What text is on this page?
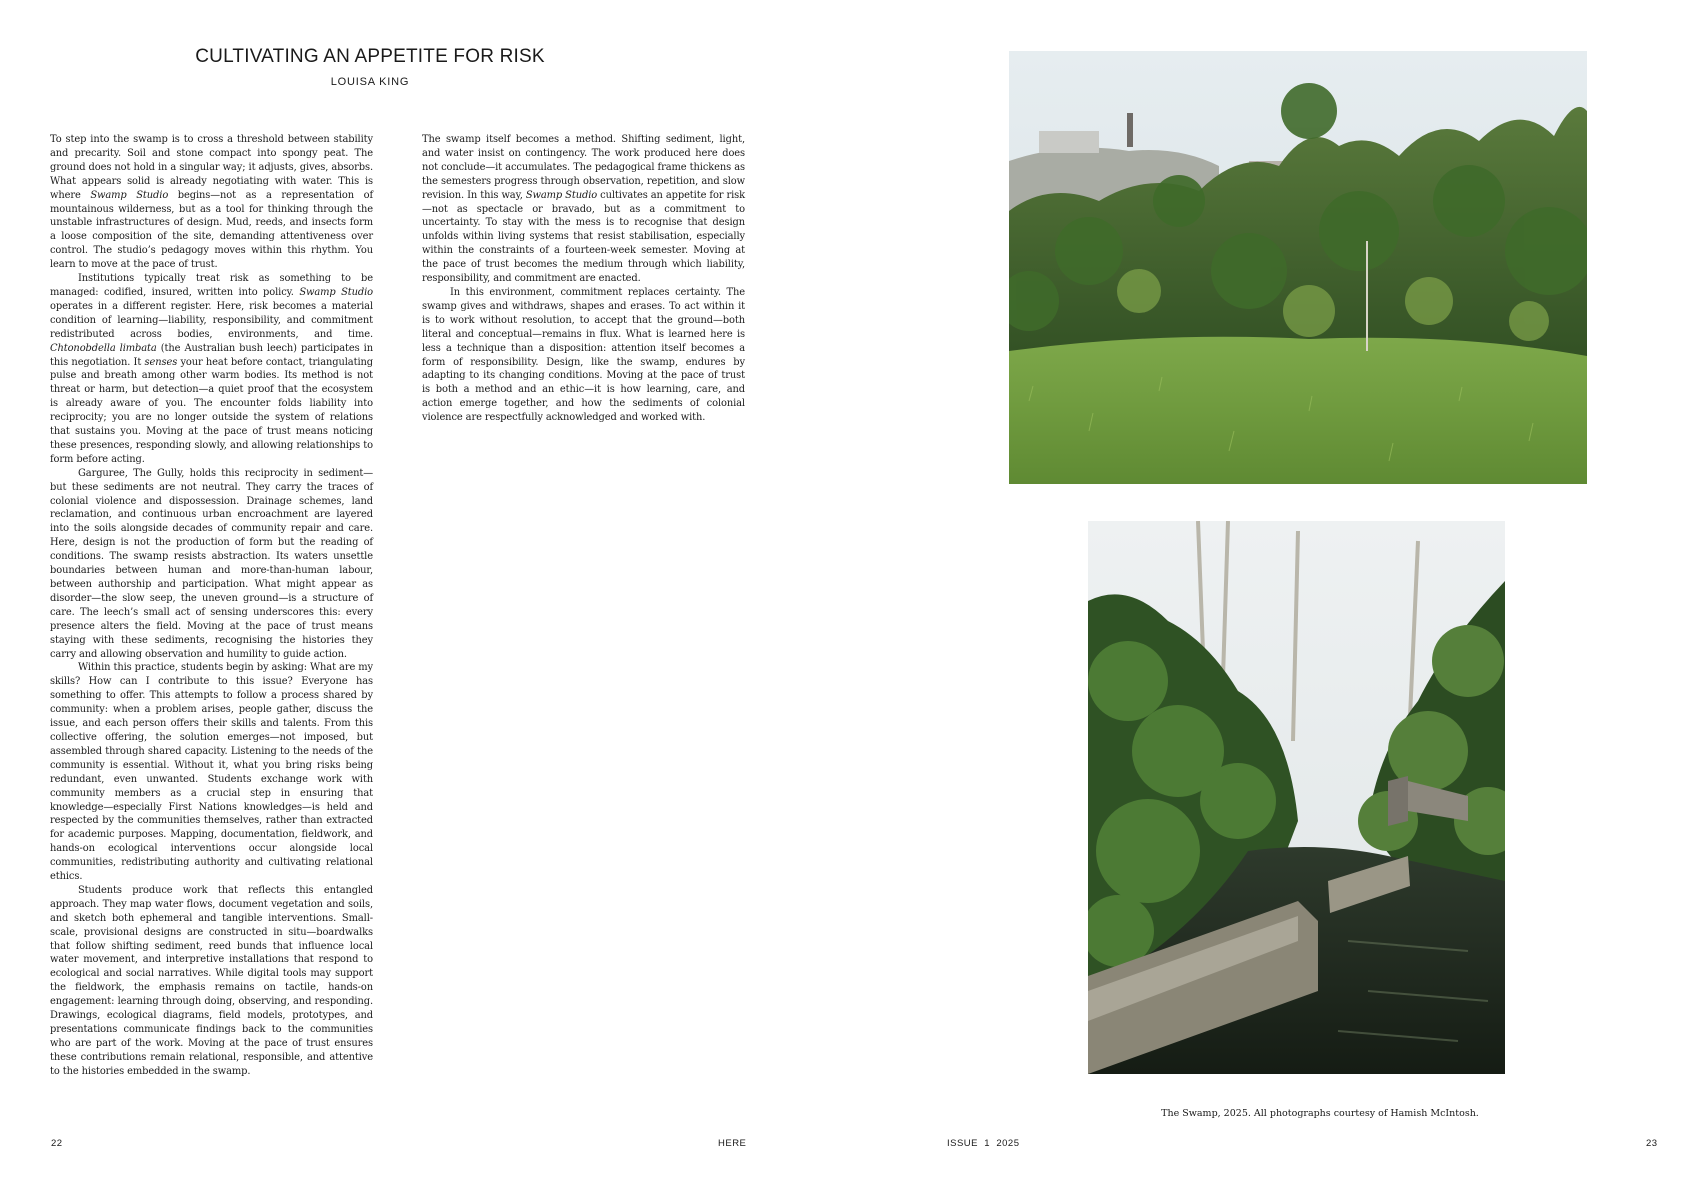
CULTIVATING AN APPETITE FOR RISK
LOUISA KING

To step into the swamp is to cross a threshold between stability and precarity. Soil and stone compact into spongy peat. The ground does not hold in a singular way; it adjusts, gives, absorbs. What appears solid is already negotiating with water. This is where Swamp Studio begins—not as a representation of mountainous wilderness, but as a tool for thinking through the unstable infrastructures of design. Mud, reeds, and insects form a loose composition of the site, demanding attentiveness over control. The studio’s pedagogy moves within this rhythm. You learn to move at the pace of trust.

Institutions typically treat risk as something to be managed: codified, insured, written into policy. Swamp Studio operates in a different register. Here, risk becomes a material condition of learning—liability, responsibility, and commitment redistributed across bodies, environments, and time. Chtonobdella limbata (the Australian bush leech) participates in this negotiation. It senses your heat before contact, triangulating pulse and breath among other warm bodies. Its method is not threat or harm, but detection—a quiet proof that the ecosystem is already aware of you. The encounter folds liability into reciprocity; you are no longer outside the system of relations that sustains you. Moving at the pace of trust means noticing these presences, responding slowly, and allowing relationships to form before acting.

Garguree, The Gully, holds this reciprocity in sediment—but these sediments are not neutral. They carry the traces of colonial violence and dispossession. Drainage schemes, land reclamation, and continuous urban encroachment are layered into the soils alongside decades of community repair and care. Here, design is not the production of form but the reading of conditions. The swamp resists abstraction. Its waters unsettle boundaries between human and more-than-human labour, between authorship and participation. What might appear as disorder—the slow seep, the uneven ground—is a structure of care. The leech’s small act of sensing underscores this: every presence alters the field. Moving at the pace of trust means staying with these sediments, recognising the histories they carry and allowing observation and humility to guide action.

Within this practice, students begin by asking: What are my skills? How can I contribute to this issue? Everyone has something to offer. This attempts to follow a process shared by community: when a problem arises, people gather, discuss the issue, and each person offers their skills and talents. From this collective offering, the solution emerges—not imposed, but assembled through shared capacity. Listening to the needs of the community is essential. Without it, what you bring risks being redundant, even unwanted. Students exchange work with community members as a crucial step in ensuring that knowledge—especially First Nations knowledges—is held and respected by the communities themselves, rather than extracted for academic purposes. Mapping, documentation, fieldwork, and hands-on ecological interventions occur alongside local communities, redistributing authority and cultivating relational ethics.

Students produce work that reflects this entangled approach. They map water flows, document vegetation and soils, and sketch both ephemeral and tangible interventions. Small-scale, provisional designs are constructed in situ—boardwalks that follow shifting sediment, reed bunds that influence local water movement, and interpretive installations that respond to ecological and social narratives. While digital tools may support the fieldwork, the emphasis remains on tactile, hands-on engagement: learning through doing, observing, and responding. Drawings, ecological diagrams, field models, prototypes, and presentations communicate findings back to the communities who are part of the work. Moving at the pace of trust ensures these contributions remain relational, responsible, and attentive to the histories embedded in the swamp.

The swamp itself becomes a method. Shifting sediment, light, and water insist on contingency. The work produced here does not conclude—it accumulates. The pedagogical frame thickens as the semesters progress through observation, repetition, and slow revision. In this way, Swamp Studio cultivates an appetite for risk—not as spectacle or bravado, but as a commitment to uncertainty. To stay with the mess is to recognise that design unfolds within living systems that resist stabilisation, especially within the constraints of a fourteen-week semester. Moving at the pace of trust becomes the medium through which liability, responsibility, and commitment are enacted.

In this environment, commitment replaces certainty. The swamp gives and withdraws, shapes and erases. To act within it is to work without resolution, to accept that the ground—both literal and conceptual—remains in flux. What is learned here is less a technique than a disposition: attention itself becomes a form of responsibility. Design, like the swamp, endures by adapting to its changing conditions. Moving at the pace of trust is both a method and an ethic—it is how learning, care, and action emerge together, and how the sediments of colonial violence are respectfully acknowledged and worked with.

The Swamp, 2025. All photographs courtesy of Hamish McIntosh.
22	HERE	ISSUE  1  2025	23
